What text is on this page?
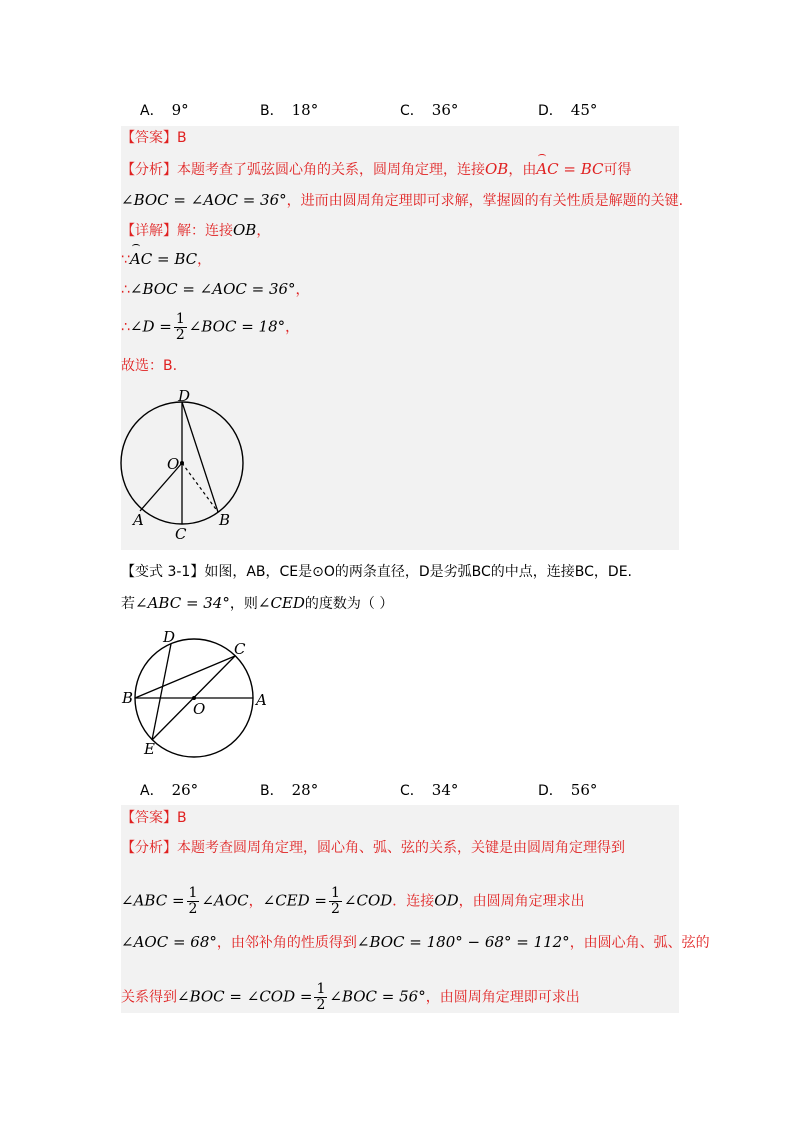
A． 9°	B． 18°	C． 36°	D． 45°
【答案】B
【分析】本题考查了弧弦圆心角的关系，圆周角定理，连接OB，由AC = BC可得
∠BOC = ∠AOC = 36°，进而由圆周角定理即可求解，掌握圆的有关性质是解题的关键.
【详解】解：连接OB，
∵AC = BC，
∴∠BOC = ∠AOC = 36°，
∴∠D = $\frac{1}{2}$ ∠BOC = 18°，
故选：B.
D
O
A	B
C
【变式 3-1】如图，AB，CE是⊙O的两条直径，D是劣弧BC的中点，连接BC，DE.
若∠ABC = 34°，则∠CED的度数为（ ）
D
C
B
O	A
E
A． 26°	B． 28°	C． 34°	D． 56°
【答案】B
【分析】本题考查圆周角定理，圆心角、弧、弦的关系，关键是由圆周角定理得到
∠ABC = $\frac{1}{2}$ ∠AOC，∠CED = $\frac{1}{2}$ ∠COD．连接OD，由圆周角定理求出
∠AOC = 68°，由邻补角的性质得到∠BOC = 180° − 68° = 112°，由圆心角、弧、弦的
关系得到∠BOC = ∠COD = $\frac{1}{2}$ ∠BOC = 56°，由圆周角定理即可求出
